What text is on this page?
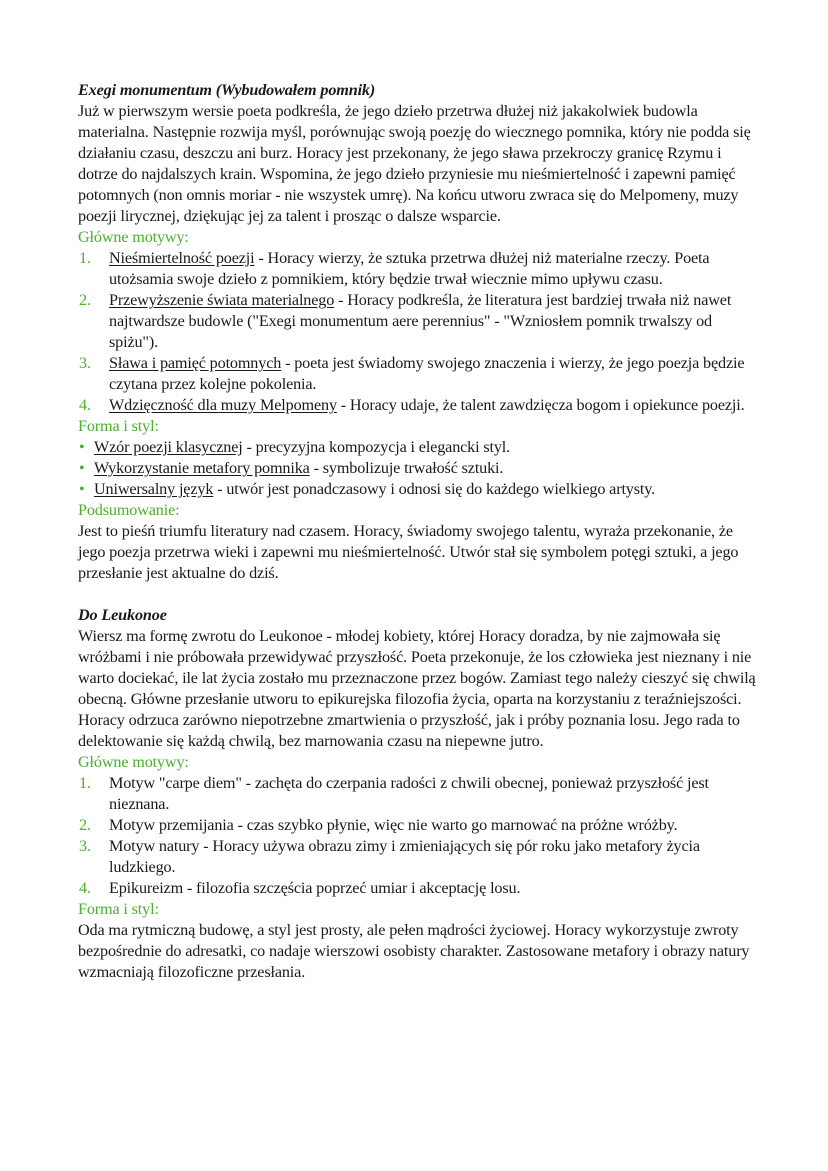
Exegi monumentum (Wybudowałem pomnik)

Już w pierwszym wersie poeta podkreśla, że jego dzieło przetrwa dłużej niż jakakolwiek budowla materialna. Następnie rozwija myśl, porównując swoją poezję do wiecznego pomnika, który nie podda się działaniu czasu, deszczu ani burz. Horacy jest przekonany, że jego sława przekroczy granicę Rzymu i dotrze do najdalszych krain. Wspomina, że jego dzieło przyniesie mu nieśmiertelność i zapewni pamięć potomnych (non omnis moriar - nie wszystek umrę). Na końcu utworu zwraca się do Melpomeny, muzy poezji lirycznej, dziękując jej za talent i prosząc o dalsze wsparcie.

Główne motywy:

1. Nieśmiertelność poezji - Horacy wierzy, że sztuka przetrwa dłużej niż materialne rzeczy. Poeta utożsamia swoje dzieło z pomnikiem, który będzie trwał wiecznie mimo upływu czasu.
2. Przewyższenie świata materialnego - Horacy podkreśla, że literatura jest bardziej trwała niż nawet najtwardsze budowle ("Exegi monumentum aere perennius" - "Wzniosłem pomnik trwalszy od spiżu").
3. Sława i pamięć potomnych - poeta jest świadomy swojego znaczenia i wierzy, że jego poezja będzie czytana przez kolejne pokolenia.
4. Wdzięczność dla muzy Melpomeny - Horacy udaje, że talent zawdzięcza bogom i opiekunce poezji.

Forma i styl:

• Wzór poezji klasycznej - precyzyjna kompozycja i elegancki styl.
• Wykorzystanie metafory pomnika - symbolizuje trwałość sztuki.
• Uniwersalny język - utwór jest ponadczasowy i odnosi się do każdego wielkiego artysty.

Podsumowanie:

Jest to pieśń triumfu literatury nad czasem. Horacy, świadomy swojego talentu, wyraża przekonanie, że jego poezja przetrwa wieki i zapewni mu nieśmiertelność. Utwór stał się symbolem potęgi sztuki, a jego przesłanie jest aktualne do dziś.

Do Leukonoe

Wiersz ma formę zwrotu do Leukonoe - młodej kobiety, której Horacy doradza, by nie zajmowała się wróżbami i nie próbowała przewidywać przyszłość. Poeta przekonuje, że los człowieka jest nieznany i nie warto dociekać, ile lat życia zostało mu przeznaczone przez bogów. Zamiast tego należy cieszyć się chwilą obecną. Główne przesłanie utworu to epikurejska filozofia życia, oparta na korzystaniu z teraźniejszości. Horacy odrzuca zarówno niepotrzebne zmartwienia o przyszłość, jak i próby poznania losu. Jego rada to delektowanie się każdą chwilą, bez marnowania czasu na niepewne jutro.

Główne motywy:

1. Motyw "carpe diem" - zachęta do czerpania radości z chwili obecnej, ponieważ przyszłość jest nieznana.
2. Motyw przemijania - czas szybko płynie, więc nie warto go marnować na próżne wróżby.
3. Motyw natury - Horacy używa obrazu zimy i zmieniających się pór roku jako metafory życia ludzkiego.
4. Epikureizm - filozofia szczęścia poprzeć umiar i akceptację losu.

Forma i styl:

Oda ma rytmiczną budowę, a styl jest prosty, ale pełen mądrości życiowej. Horacy wykorzystuje zwroty bezpośrednie do adresatki, co nadaje wierszowi osobisty charakter. Zastosowane metafory i obrazy natury wzmacniają filozoficzne przesłania.
